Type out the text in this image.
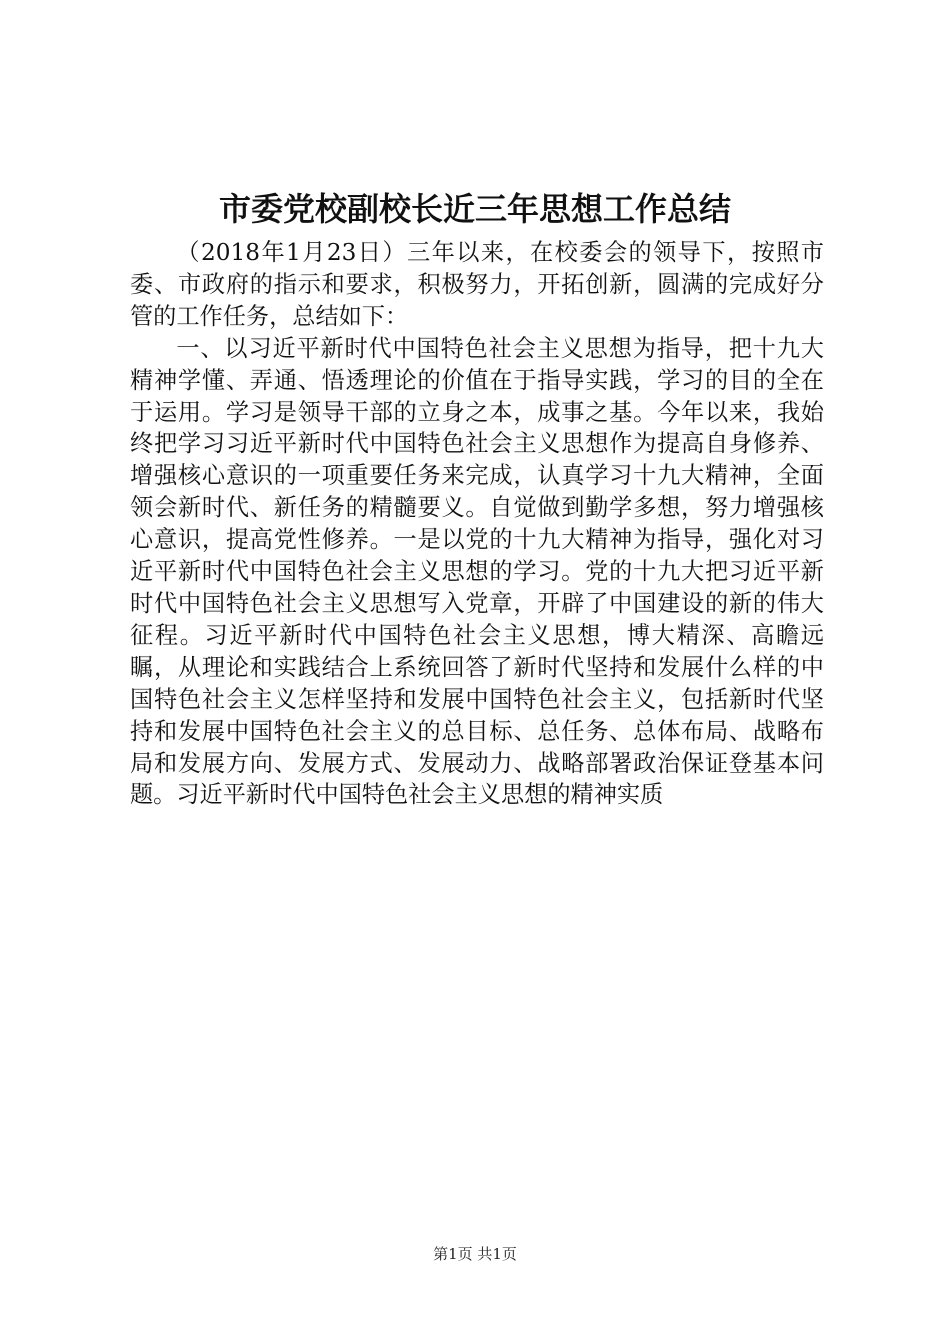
市委党校副校长近三年思想工作总结

（2018年1月23日）三年以来，在校委会的领导下，按照市委、市政府的指示和要求，积极努力，开拓创新，圆满的完成好分管的工作任务，总结如下：

一、以习近平新时代中国特色社会主义思想为指导，把十九大精神学懂、弄通、悟透理论的价值在于指导实践，学习的目的全在于运用。学习是领导干部的立身之本，成事之基。今年以来，我始终把学习习近平新时代中国特色社会主义思想作为提高自身修养、增强核心意识的一项重要任务来完成，认真学习十九大精神，全面领会新时代、新任务的精髓要义。自觉做到勤学多想，努力增强核心意识，提高党性修养。一是以党的十九大精神为指导，强化对习近平新时代中国特色社会主义思想的学习。党的十九大把习近平新时代中国特色社会主义思想写入党章，开辟了中国建设的新的伟大征程。习近平新时代中国特色社会主义思想，博大精深、高瞻远瞩，从理论和实践结合上系统回答了新时代坚持和发展什么样的中国特色社会主义怎样坚持和发展中国特色社会主义，包括新时代坚持和发展中国特色社会主义的总目标、总任务、总体布局、战略布局和发展方向、发展方式、发展动力、战略部署政治保证登基本问题。习近平新时代中国特色社会主义思想的精神实质

第1页 共1页
